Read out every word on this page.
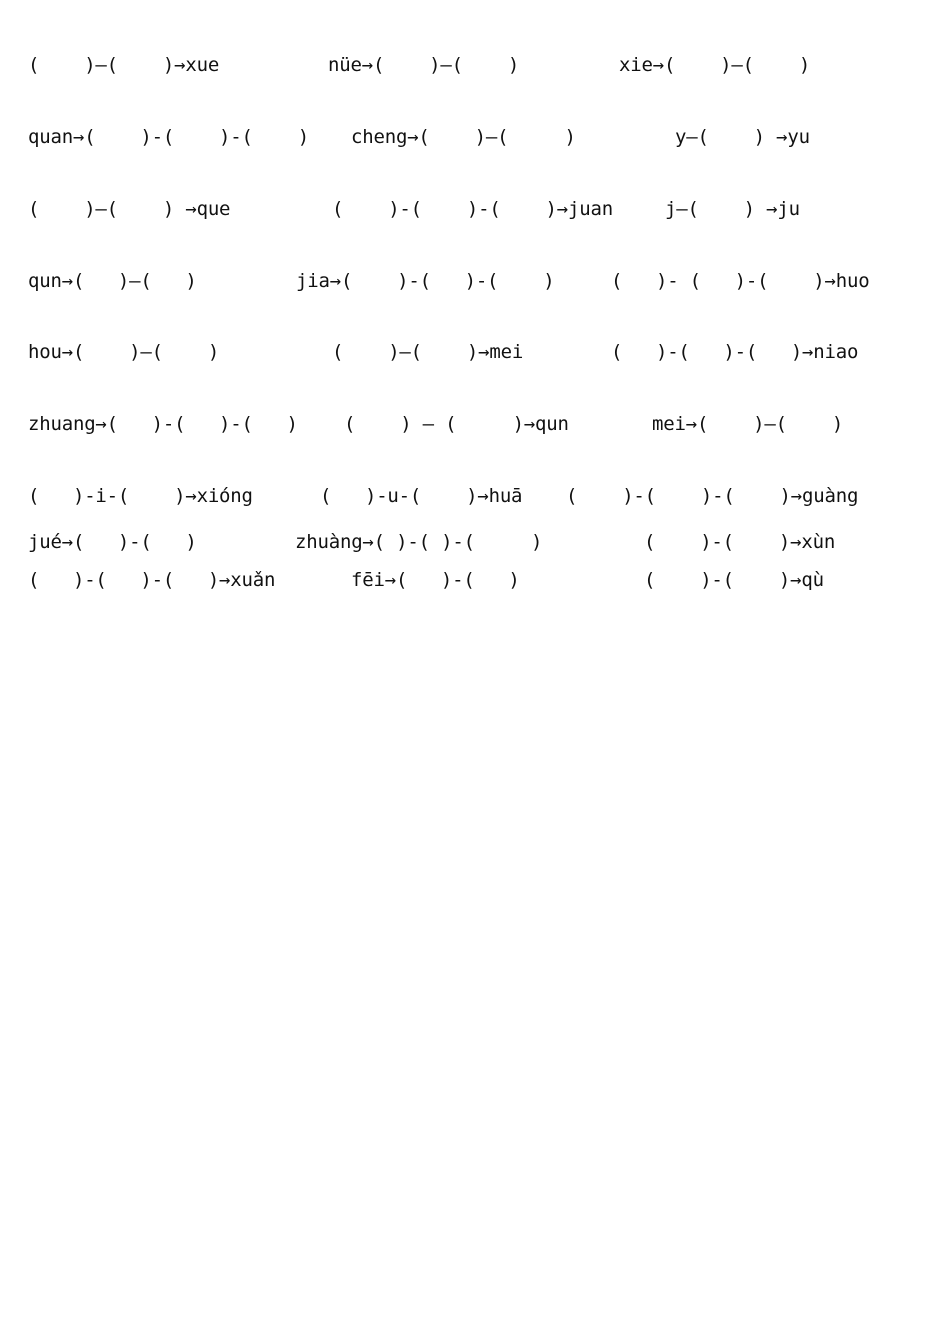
(    )—(    )→xue	nüe→(    )—(    )	xie→(    )—(    )
quan→(    )-(    )-(    ) cheng→(    )—(     )	y—(    ) →yu
(    )—(    ) →que	(    )-(    )-(    )→juan	j—(    ) →ju
qun→(   )—(   )	jia→(    )-(   )-(    )	(   )- (   )-(    )→huo
hou→(    )—(    )	(    )—(    )→mei	(   )-(   )-(   )→niao
zhuang→(   )-(   )-(   ) (    ) — (     )→qun	mei→(    )—(    )
(   )-i-(    )→xióng	(   )-u-(    )→huā (    )-(    )-(    )→guàng
jué→(   )-(   )	zhuàng→( )-( )-(     )	(    )-(    )→xùn
(   )-(   )-(   )→xuǎn	fēi→(   )-(   )	(    )-(    )→qù
